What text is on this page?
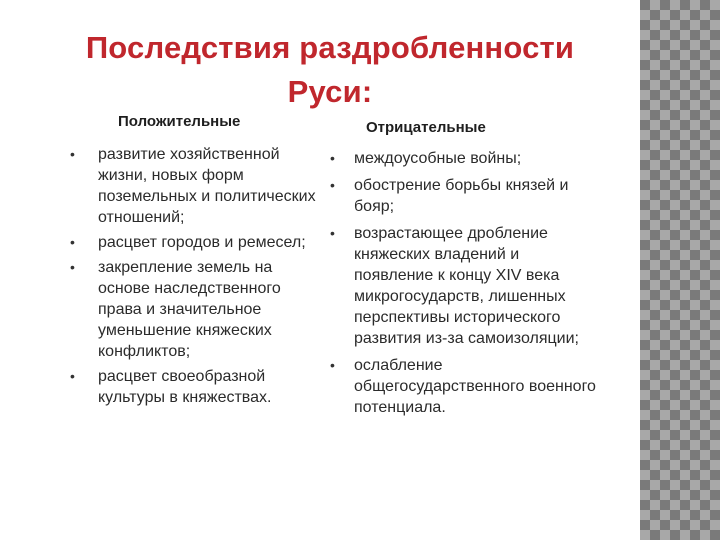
Последствия раздробленности Руси:
Положительные
• развитие хозяйственной жизни, новых форм поземельных и политических отношений;
• расцвет городов и ремесел;
• закрепление земель на основе наследственного права и значительное уменьшение княжеских конфликтов;
• расцвет своеобразной культуры в княжествах.
Отрицательные
• междоусобные войны;
• обострение борьбы князей и бояр;
• возрастающее дробление княжеских владений и появление к концу XIV века микрогосударств, лишенных перспективы исторического развития из-за самоизоляции;
• ослабление общегосударственного военного потенциала.
